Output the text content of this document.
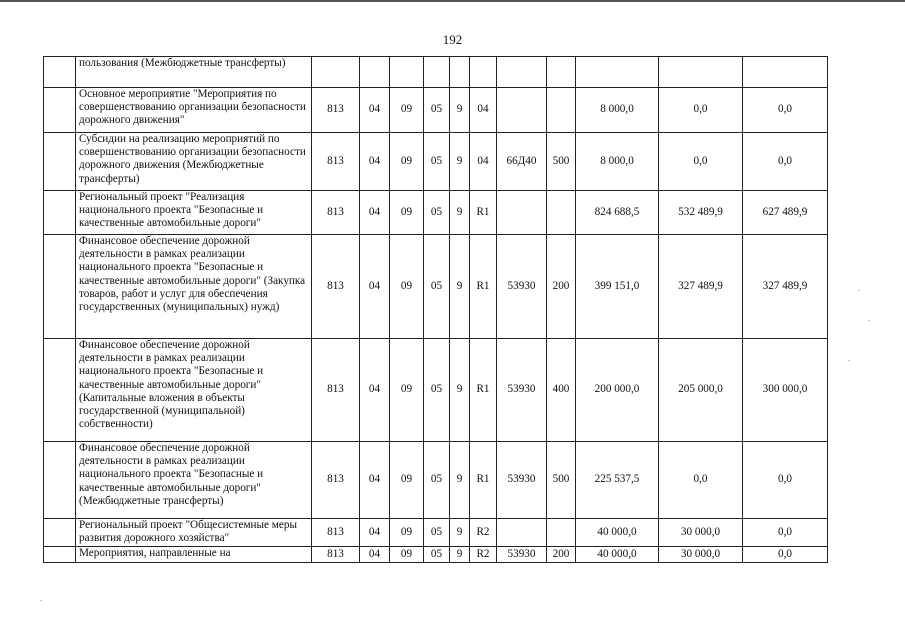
192
	пользования (Межбюджетные трансферты)											
	Основное мероприятие "Мероприятия по совершенствованию организации безопасности дорожного движения"	813	04	09	05	9	04			8 000,0	0,0	0,0
	Субсидии на реализацию мероприятий по совершенствованию организации безопасности дорожного движения (Межбюджетные трансферты)	813	04	09	05	9	04	66Д40	500	8 000,0	0,0	0,0
	Региональный проект "Реализация национального проекта "Безопасные и качественные автомобильные дороги"	813	04	09	05	9	R1			824 688,5	532 489,9	627 489,9
	Финансовое обеспечение дорожной деятельности в рамках реализации национального проекта "Безопасные и качественные автомобильные дороги" (Закупка товаров, работ и услуг для обеспечения государственных (муниципальных) нужд)	813	04	09	05	9	R1	53930	200	399 151,0	327 489,9	327 489,9
	Финансовое обеспечение дорожной деятельности в рамках реализации национального проекта "Безопасные и качественные автомобильные дороги" (Капитальные вложения в объекты государственной (муниципальной) собственности)	813	04	09	05	9	R1	53930	400	200 000,0	205 000,0	300 000,0
	Финансовое обеспечение дорожной деятельности в рамках реализации национального проекта "Безопасные и качественные автомобильные дороги" (Межбюджетные трансферты)	813	04	09	05	9	R1	53930	500	225 537,5	0,0	0,0
	Региональный проект "Общесистемные меры развития дорожного хозяйства"	813	04	09	05	9	R2			40 000,0	30 000,0	0,0
	Мероприятия, направленные на	813	04	09	05	9	R2	53930	200	40 000,0	30 000,0	0,0
